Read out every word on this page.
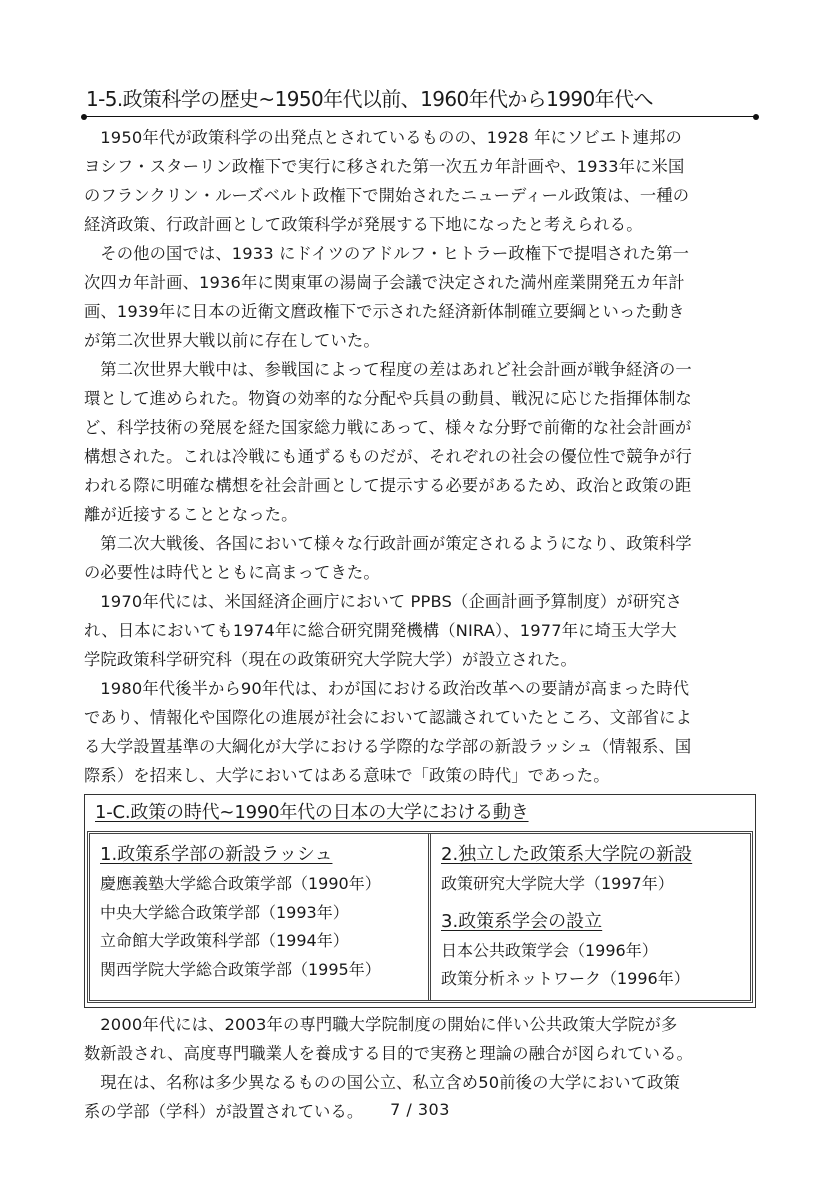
1-5.政策科学の歴史~1950年代以前、1960年代から1990年代へ

1950年代が政策科学の出発点とされているものの、1928 年にソビエト連邦の
ヨシフ・スターリン政権下で実行に移された第一次五カ年計画や、1933年に米国
のフランクリン・ルーズベルト政権下で開始されたニューディール政策は、一種の
経済政策、行政計画として政策科学が発展する下地になったと考えられる。

その他の国では、1933 にドイツのアドルフ・ヒトラー政権下で提唱された第一
次四カ年計画、1936年に関東軍の湯崗子会議で決定された満州産業開発五カ年計
画、1939年に日本の近衛文麿政権下で示された経済新体制確立要綱といった動き
が第二次世界大戦以前に存在していた。

第二次世界大戦中は、参戦国によって程度の差はあれど社会計画が戦争経済の一
環として進められた。物資の効率的な分配や兵員の動員、戦況に応じた指揮体制な
ど、科学技術の発展を経た国家総力戦にあって、様々な分野で前衛的な社会計画が
構想された。これは冷戦にも通ずるものだが、それぞれの社会の優位性で競争が行
われる際に明確な構想を社会計画として提示する必要があるため、政治と政策の距
離が近接することとなった。

第二次大戦後、各国において様々な行政計画が策定されるようになり、政策科学
の必要性は時代とともに高まってきた。

1970年代には、米国経済企画庁において PPBS（企画計画予算制度）が研究さ
れ、日本においても1974年に総合研究開発機構（NIRA）、1977年に埼玉大学大
学院政策科学研究科（現在の政策研究大学院大学）が設立された。

1980年代後半から90年代は、わが国における政治改革への要請が高まった時代
であり、情報化や国際化の進展が社会において認識されていたところ、文部省によ
る大学設置基準の大綱化が大学における学際的な学部の新設ラッシュ（情報系、国
際系）を招来し、大学においてはある意味で「政策の時代」であった。

1-C.政策の時代~1990年代の日本の大学における動き
1.政策系学部の新設ラッシュ
慶應義塾大学総合政策学部（1990年）
中央大学総合政策学部（1993年）
立命館大学政策科学部（1994年）
関西学院大学総合政策学部（1995年）
2.独立した政策系大学院の新設
政策研究大学院大学（1997年）
3.政策系学会の設立
日本公共政策学会（1996年）
政策分析ネットワーク（1996年）

2000年代には、2003年の専門職大学院制度の開始に伴い公共政策大学院が多
数新設され、高度専門職業人を養成する目的で実務と理論の融合が図られている。

現在は、名称は多少異なるものの国公立、私立含め50前後の大学において政策
系の学部（学科）が設置されている。	7 / 303
